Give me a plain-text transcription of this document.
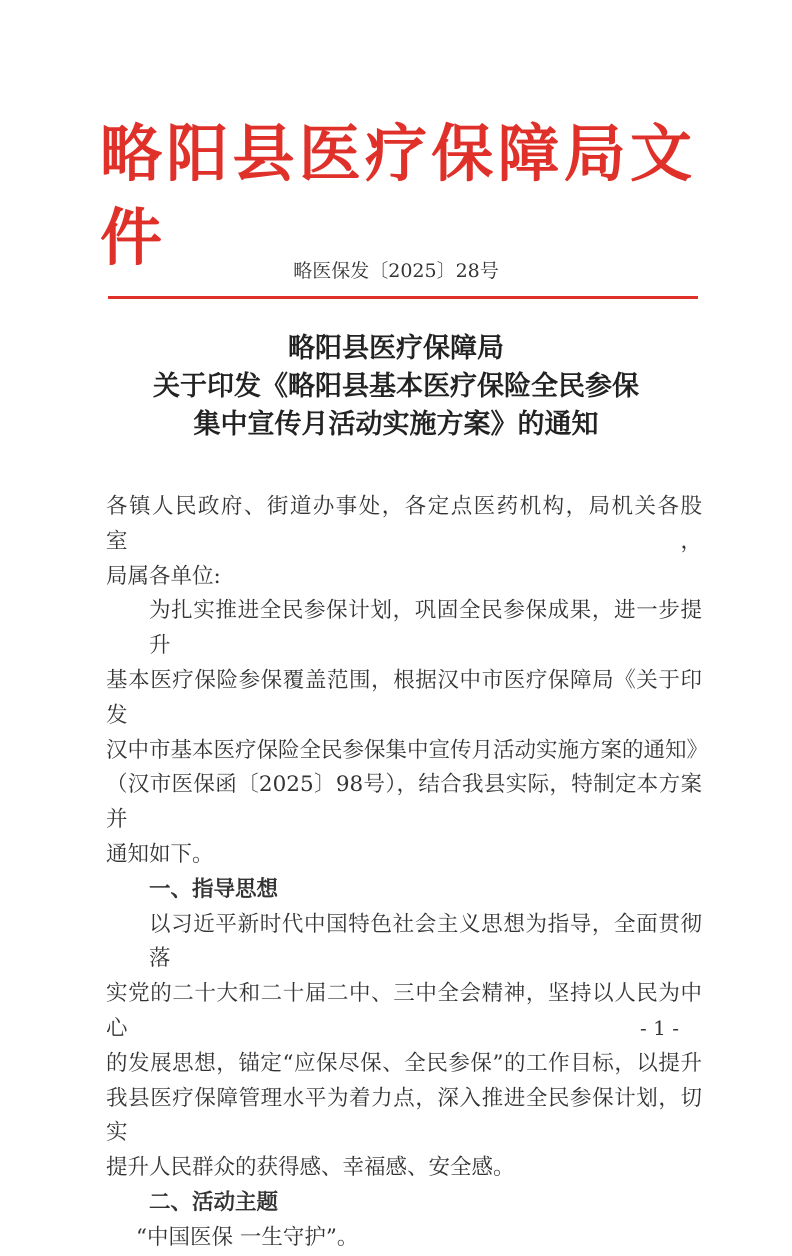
略阳县医疗保障局文件	略医保发〔2025〕28号
略阳县医疗保障局
关于印发《略阳县基本医疗保险全民参保
集中宣传月活动实施方案》的通知
各镇人民政府、街道办事处，各定点医药机构，局机关各股室，
局属各单位:
为扎实推进全民参保计划，巩固全民参保成果，进一步提升
基本医疗保险参保覆盖范围，根据汉中市医疗保障局《关于印发
汉中市基本医疗保险全民参保集中宣传月活动实施方案的通知》
（汉市医保函〔2025〕98号），结合我县实际，特制定本方案并
通知如下。
一、指导思想
以习近平新时代中国特色社会主义思想为指导，全面贯彻落
实党的二十大和二十届二中、三中全会精神，坚持以人民为中心
的发展思想，锚定“应保尽保、全民参保”的工作目标，以提升
我县医疗保障管理水平为着力点，深入推进全民参保计划，切实
提升人民群众的获得感、幸福感、安全感。
二、活动主题
“中国医保 一生守护”。
- 1 -
